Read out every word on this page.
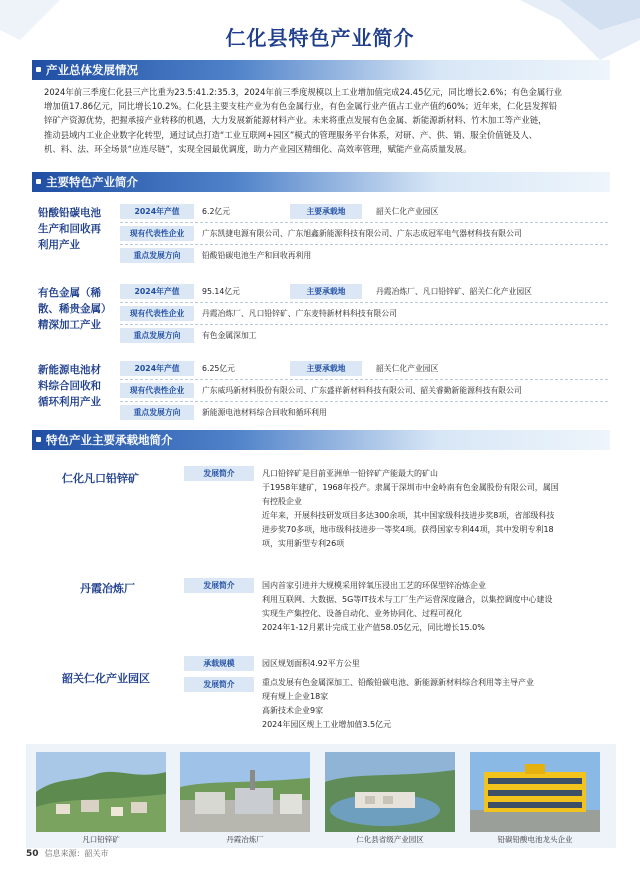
仁化县特色产业简介
产业总体发展情况
2024年前三季度仁化县三产比重为23.5:41.2:35.3，2024年前三季度规模以上工业增加值完成24.45亿元，同比增长2.6%；有色金属行业
增加值17.86亿元，同比增长10.2%。仁化县主要支柱产业为有色金属行业，有色金属行业产值占工业产值约60%；近年来，仁化县发挥铅
锌矿产资源优势，把握承接产业转移的机遇，大力发展新能源材料产业。未来将重点发展有色金属、新能源新材料、竹木加工等产业链，
推动县域内工业企业数字化转型，通过试点打造“工业互联网+园区”模式的管理服务平台体系，对研、产、供、销、服全价值链及人、
机、料、法、环全场景“应连尽链”，实现全园最优调度，助力产业园区精细化、高效率管理，赋能产业高质量发展。
主要特色产业简介
铅酸铅碳电池
生产和回收再
利用产业
2024年产值	6.2亿元	主要承载地	韶关仁化产业园区
现有代表性企业	广东凯捷电源有限公司、广东旭鑫新能源科技有限公司、广东志成冠军电气器材科技有限公司
重点发展方向	铅酸铅碳电池生产和回收再利用
有色金属（稀
散、稀贵金属）
精深加工产业
2024年产值	95.14亿元	主要承载地	丹霞冶炼厂、凡口铅锌矿、韶关仁化产业园区
现有代表性企业	丹霞冶炼厂、凡口铅锌矿、广东麦特新材料科技有限公司
重点发展方向	有色金属深加工
新能源电池材
料综合回收和
循环利用产业
2024年产值	6.25亿元	主要承载地	韶关仁化产业园区
现有代表性企业	广东威玛新材料股份有限公司、广东盛祥新材料科技有限公司、韶关睿勤新能源科技有限公司
重点发展方向	新能源电池材料综合回收和循环利用
特色产业主要承载地简介
仁化凡口铅锌矿	发展简介	凡口铅锌矿是目前亚洲单一铅锌矿产能最大的矿山
于1958年建矿，1968年投产。隶属于深圳市中金岭南有色金属股份有限公司，属国
有控股企业
近年来，开展科技研发项目多达300余项，其中国家级科技进步奖8项，省部级科技
进步奖70多项，地市级科技进步一等奖4项。获得国家专利44项，其中发明专利18
项，实用新型专利26项
丹霞冶炼厂	发展简介	国内首家引进并大规模采用锌氧压浸出工艺的环保型锌冶炼企业
利用互联网、大数据、5G等IT技术与工厂生产运营深度融合，以集控调度中心建设
实现生产集控化、设备自动化、业务协同化、过程可视化
2024年1-12月累计完成工业产值58.05亿元，同比增长15.0%
韶关仁化产业园区
承载规模	园区规划面积4.92平方公里
发展简介	重点发展有色金属深加工、铅酸铅碳电池、新能源新材料综合利用等主导产业
现有规上企业18家
高新技术企业9家
2024年园区规上工业增加值3.5亿元
凡口铅锌矿	丹霞冶炼厂	仁化县省级产业园区	铅碳铅酸电池龙头企业
50 信息来源：韶关市
